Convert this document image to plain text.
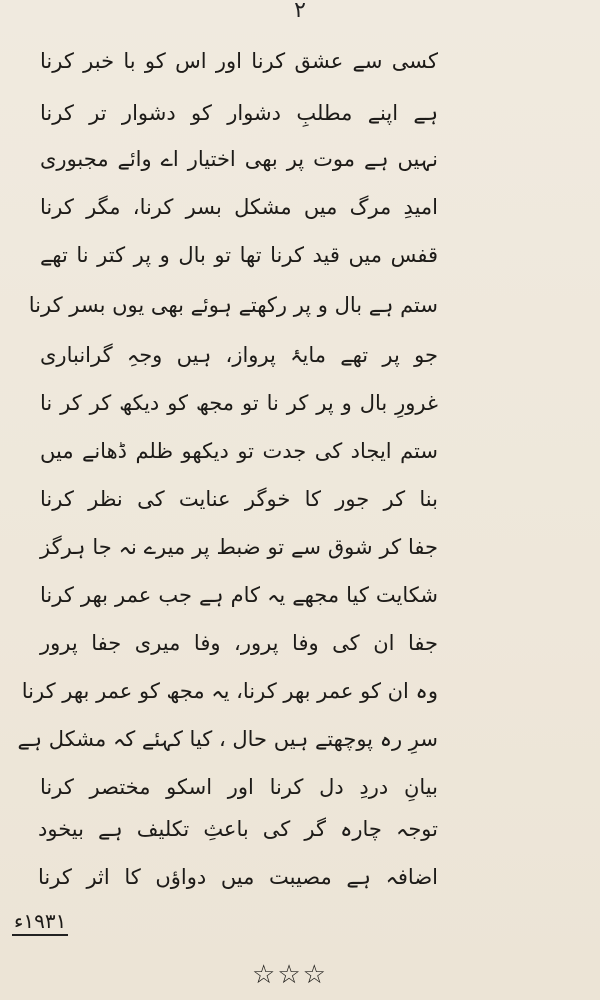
٢
کسی سے عشق کرنا اور اس کو با خبر کرنا
ہے اپنے مطلبِ دشوار کو دشوار تر کرنا
نہیں ہے موت پر بھی اختیار اے وائے مجبوری
امیدِ مرگ میں مشکل بسر کرنا، مگر کرنا
قفس میں قید کرنا تھا تو بال و پر کتر نا تھے
ستم ہے بال و پر رکھتے ہوئے بھی یوں بسر کرنا
جو پر تھے مایۂ پرواز، ہیں وجہِ گرانباری
غرورِ بال و پر کر نا تو مجھ کو دیکھ کر کر نا
ستم ایجاد کی جدت تو دیکھو ظلم ڈھانے میں
بنا کر جور کا خوگر عنایت کی نظر کرنا
جفا کر شوق سے تو ضبط پر میرے نہ جا ہرگز
شکایت کیا مجھے یہ کام ہے جب عمر بھر کرنا
جفا ان کی وفا پرور، وفا میری جفا پرور
وہ ان کو عمر بھر کرنا، یہ مجھ کو عمر بھر کرنا
سرِ رہ پوچھتے ہیں حال ، کیا کہئے کہ مشکل ہے
بیانِ دردِ دل کرنا اور اسکو مختصر کرنا
توجہ چارہ گر کی باعثِ تکلیف ہے بیخود
اضافہ ہے مصیبت میں دواؤں کا اثر کرنا
۱۹۳۱ء
☆☆☆
